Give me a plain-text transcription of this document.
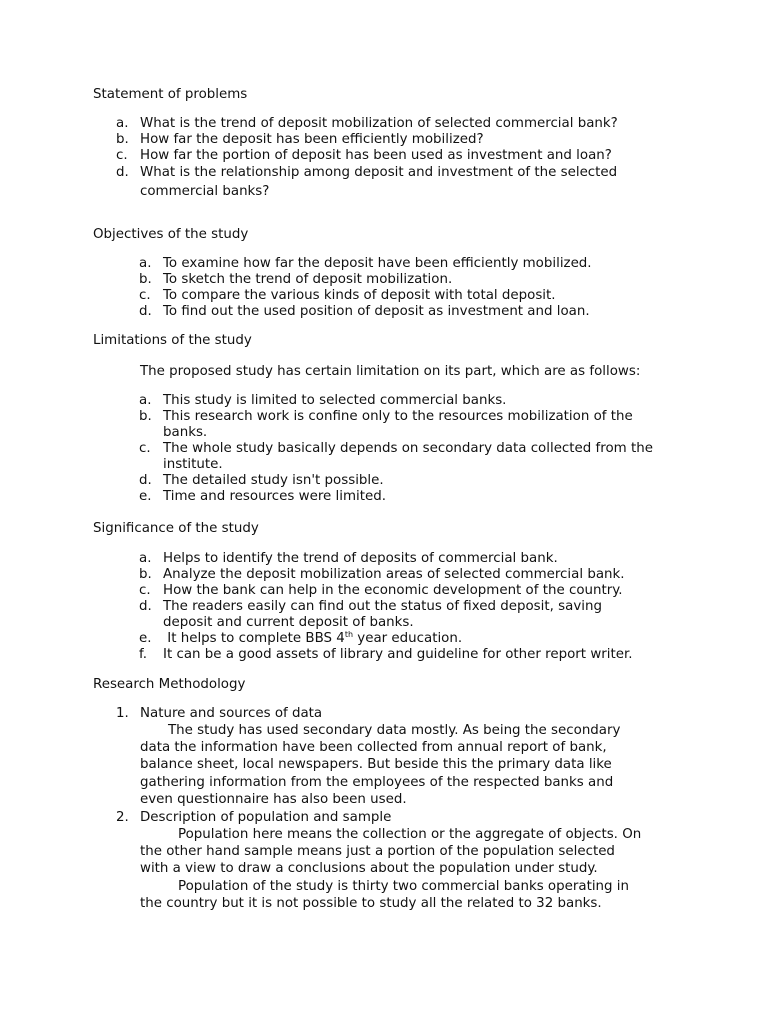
Statement of problems
a. What is the trend of deposit mobilization of selected commercial bank?
b. How far the deposit has been efficiently mobilized?
c. How far the portion of deposit has been used as investment and loan?
d. What is the relationship among deposit and investment of the selected commercial banks?
Objectives of the study
a. To examine how far the deposit have been efficiently mobilized.
b. To sketch the trend of deposit mobilization.
c. To compare the various kinds of deposit with total deposit.
d. To find out the used position of deposit as investment and loan.
Limitations of the study
The proposed study has certain limitation on its part, which are as follows:
a. This study is limited to selected commercial banks.
b. This research work is confine only to the resources mobilization of the banks.
c. The whole study basically depends on secondary data collected from the institute.
d. The detailed study isn't possible.
e. Time and resources were limited.
Significance of the study
a. Helps to identify the trend of deposits of commercial bank.
b. Analyze the deposit mobilization areas of selected commercial bank.
c. How the bank can help in the economic development of the country.
d. The readers easily can find out the status of fixed deposit, saving deposit and current deposit of banks.
e. It helps to complete BBS 4th year education.
f. It can be a good assets of library and guideline for other report writer.
Research Methodology
1. Nature and sources of data
The study has used secondary data mostly. As being the secondary
data the information have been collected from annual report of bank,
balance sheet, local newspapers. But beside this the primary data like
gathering information from the employees of the respected banks and
even questionnaire has also been used.
2. Description of population and sample
Population here means the collection or the aggregate of objects. On
the other hand sample means just a portion of the population selected
with a view to draw a conclusions about the population under study.
Population of the study is thirty two commercial banks operating in
the country but it is not possible to study all the related to 32 banks.
